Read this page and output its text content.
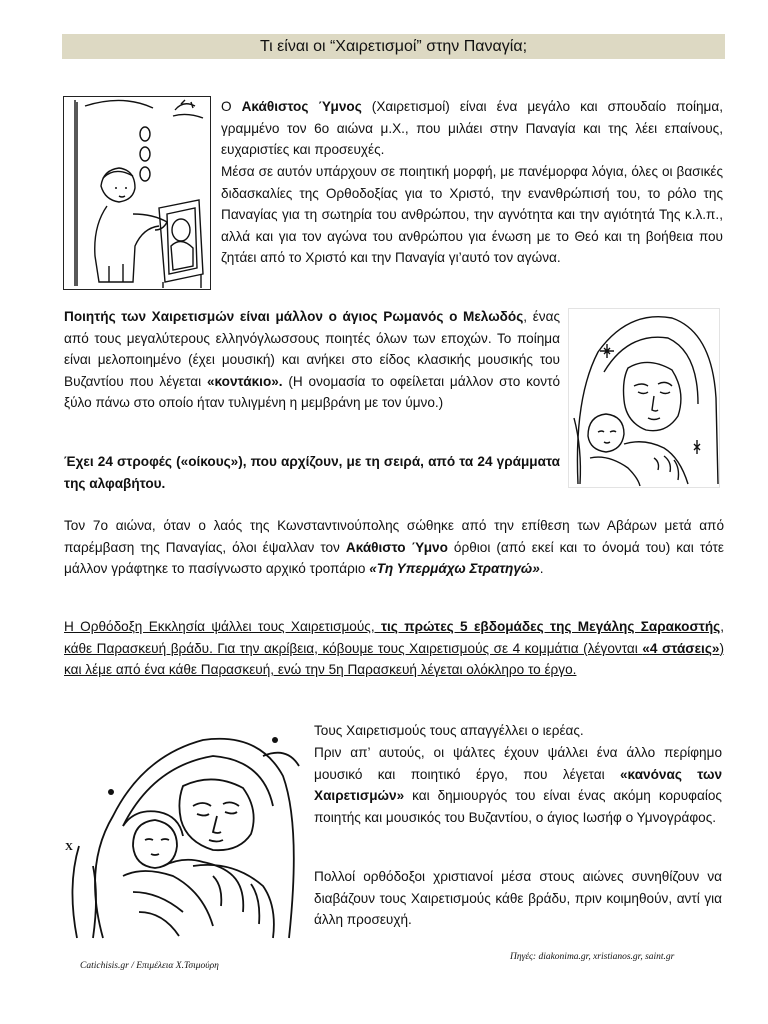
Τι είναι οι “Χαιρετισμοί” στην Παναγία;

Ο Ακάθιστος Ύμνος (Χαιρετισμοί) είναι ένα μεγάλο και σπουδαίο ποίημα, γραμμένο τον 6ο αιώνα μ.Χ., που μιλάει στην Παναγία και της λέει επαίνους, ευχαριστίες και προσευχές.

Μέσα σε αυτόν υπάρχουν σε ποιητική μορφή, με πανέμορφα λόγια, όλες οι βασικές διδασκαλίες της Ορθοδοξίας για το Χριστό, την ενανθρώπισή του, το ρόλο της Παναγίας για τη σωτηρία του ανθρώπου, την αγνότητα και την αγιότητά Της κ.λ.π., αλλά και για τον αγώνα του ανθρώπου για ένωση με το Θεό και τη βοήθεια που ζητάει από το Χριστό και την Παναγία γι’αυτό τον αγώνα.

Ποιητής των Χαιρετισμών είναι μάλλον ο άγιος Ρωμανός ο Μελωδός, ένας από τους μεγαλύτερους ελληνόγλωσσους ποιητές όλων των εποχών. Το ποίημα είναι μελοποιημένο (έχει μουσική) και ανήκει στο είδος κλασικής μουσικής του Βυζαντίου που λέγεται «κοντάκιο». (Η ονομασία το οφείλεται μάλλον στο κοντό ξύλο πάνω στο οποίο ήταν τυλιγμένη η μεμβράνη με τον ύμνο.)

Έχει 24 στροφές («οίκους»), που αρχίζουν, με τη σειρά, από τα 24 γράμματα της αλφαβήτου.

Τον 7ο αιώνα, όταν ο λαός της Κωνσταντινούπολης σώθηκε από την επίθεση των Αβάρων μετά από παρέμβαση της Παναγίας, όλοι έψαλλαν τον Ακάθιστο Ύμνο όρθιοι (από εκεί και το όνομά του) και τότε μάλλον γράφτηκε το πασίγνωστο αρχικό τροπάριο «Τη Υπερμάχω Στρατηγώ».

Η Ορθόδοξη Εκκλησία ψάλλει τους Χαιρετισμούς, τις πρώτες 5 εβδομάδες της Μεγάλης Σαρακοστής, κάθε Παρασκευή βράδυ. Για την ακρίβεια, κόβουμε τους Χαιρετισμούς σε 4 κομμάτια (λέγονται «4 στάσεις») και λέμε από ένα κάθε Παρασκευή, ενώ την 5η Παρασκευή λέγεται ολόκληρο το έργο.

X

Τους Χαιρετισμούς τους απαγγέλλει ο ιερέας.

Πριν απ’ αυτούς, οι ψάλτες έχουν ψάλλει ένα άλλο περίφημο μουσικό και ποιητικό έργο, που λέγεται «κανόνας των Χαιρετισμών» και δημιουργός του είναι ένας ακόμη κορυφαίος ποιητής και μουσικός του Βυζαντίου, ο άγιος Ιωσήφ ο Υμνογράφος.

Πολλοί ορθόδοξοι χριστιανοί μέσα στους αιώνες συνηθίζουν να διαβάζουν τους Χαιρετισμούς κάθε βράδυ, πριν κοιμηθούν, αντί για άλλη προσευχή.

Catichisis.gr / Επιμέλεια Χ.Τσιμούρη
Πηγές: diakonima.gr, xristianos.gr, saint.gr
